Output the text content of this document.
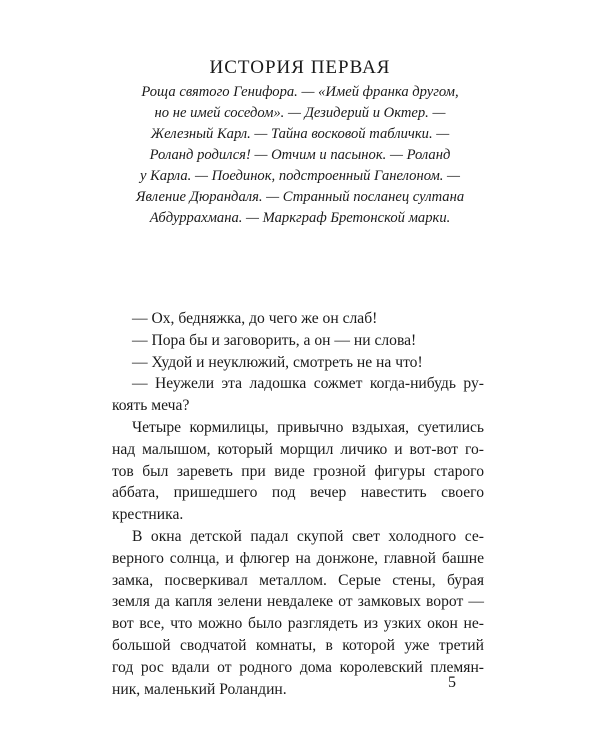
ИСТОРИЯ ПЕРВАЯ
Роща святого Генифора. — «Имей франка другом,
но не имей соседом». — Дезидерий и Октер. —
Железный Карл. — Тайна восковой таблички. —
Роланд родился! — Отчим и пасынок. — Роланд
у Карла. — Поединок, подстроенный Ганелоном. —
Явление Дюрандаля. — Странный посланец султана
Абдуррахмана. — Маркграф Бретонской марки.
— Ох, бедняжка, до чего же он слаб!
— Пора бы и заговорить, а он — ни слова!
— Худой и неуклюжий, смотреть не на что!
— Неужели эта ладошка сожмет когда-нибудь ру-
коять меча?
Четыре кормилицы, привычно вздыхая, суетились
над малышом, который морщил личико и вот-вот го-
тов был зареветь при виде грозной фигуры старого
аббата, пришедшего под вечер навестить своего
крестника.
В окна детской падал скупой свет холодного се-
верного солнца, и флюгер на донжоне, главной башне
замка, посверкивал металлом. Серые стены, бурая
земля да капля зелени невдалеке от замковых ворот —
вот все, что можно было разглядеть из узких окон не-
большой сводчатой комнаты, в которой уже третий
год рос вдали от родного дома королевский племян-
ник, маленький Роландин.	5
